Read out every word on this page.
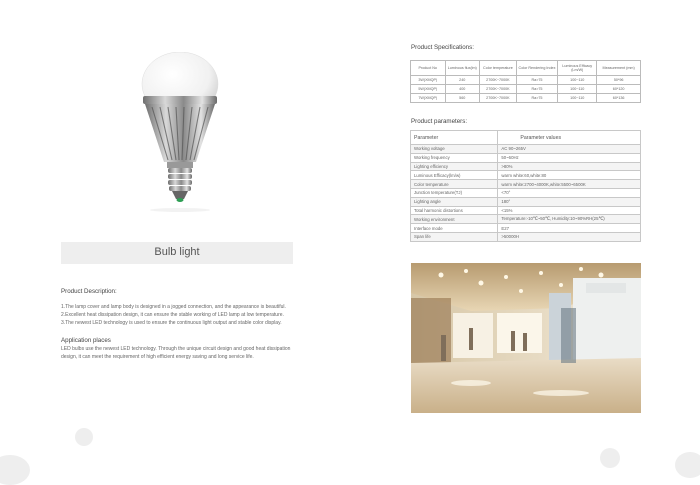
Bulb light
Product Description:
1.The lamp cover and lamp body is designed in a jogged connection, and the appearance is beautiful.
2.Excellent heat dissipation design, it can ensure the stable working of LED lamp at low temperature.
3.The newest LED technology is used to ensure the continuous light output and stable color display.
Application places
LED bulbs use the newest LED technology. Through the unique circuit design and good heat dissipation
design, it can meet the requirement of high efficient energy saving and long service life.
Product Specifications:
Product No	Luminous flux(lm)	Color temperature	Color Rendering Index	Luminous Efficacy (Lm/W)	Measurement (mm)
3W(XMQP)	240	2700K~7000K	Ra>75	100~110	50*96
5W(XMQP)	400	2700K~7000K	Ra>75	100~110	60*120
7W(XMQP)	560	2700K~7000K	Ra>75	100~110	60*136
Product parameters:
Parameter	Parameter values
Working voltage	AC 90~265V
Working frequency	50~60Hz
Lighting efficiency	>80%
Luminous Efficacy(lm/w)	warm white:60,white:80
Color temperature	warm white:2700~4000K,white:5500~6500K
Junction temperature(TJ)	<70°
Lighting angle	180°
Total harmonic distortions	<15%
Working environment	Temperature:-10℃~50℃, Humidity:10~90%RH(25℃)
Interface mode	E27
Span life	>50000H
